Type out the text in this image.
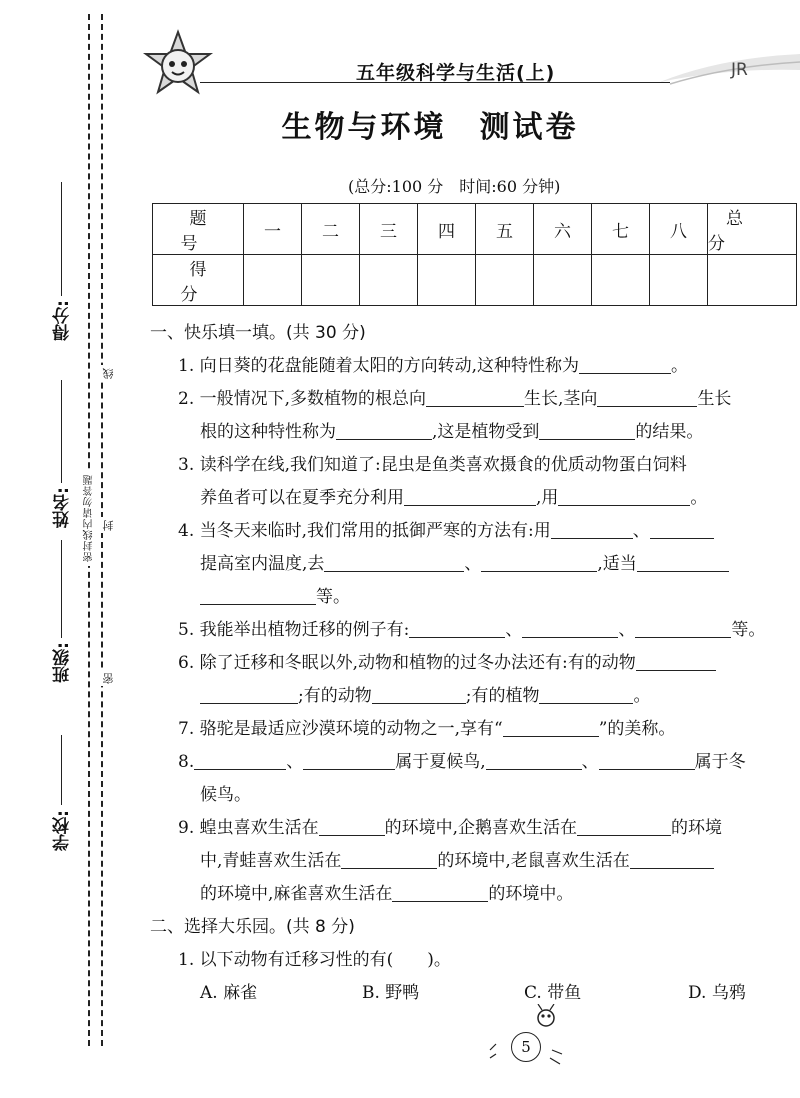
学校:
班级:
姓名:
得分:
密封线内请勿答题
线
封
密
五年级科学与生活(上)	JR
生物与环境　测试卷
(总分:100 分　时间:60 分钟)
题　号	一	二	三	四	五	六	七	八	总　分
得　分									
一、快乐填一填。(共 30 分)
1. 向日葵的花盘能随着太阳的方向转动,这种特性称为	。
2. 一般情况下,多数植物的根总向	生长,茎向	生长
根的这种特性称为	,这是植物受到	的结果。
3. 读科学在线,我们知道了:昆虫是鱼类喜欢摄食的优质动物蛋白饲料
养鱼者可以在夏季充分利用	,用	。
4. 当冬天来临时,我们常用的抵御严寒的方法有:用	、
提高室内温度,去	、	,适当
等。
5. 我能举出植物迁移的例子有:	、	、	等。
6. 除了迁移和冬眠以外,动物和植物的过冬办法还有:有的动物
;有的动物	;有的植物	。
7. 骆驼是最适应沙漠环境的动物之一,享有“	”的美称。
8.	、	属于夏候鸟,	、	属于冬
候鸟。
9. 蝗虫喜欢生活在	的环境中,企鹅喜欢生活在	的环境
中,青蛙喜欢生活在	的环境中,老鼠喜欢生活在
的环境中,麻雀喜欢生活在	的环境中。
二、选择大乐园。(共 8 分)
1. 以下动物有迁移习性的有(　　)。
A. 麻雀	B. 野鸭	C. 带鱼	D. 乌鸦
5
